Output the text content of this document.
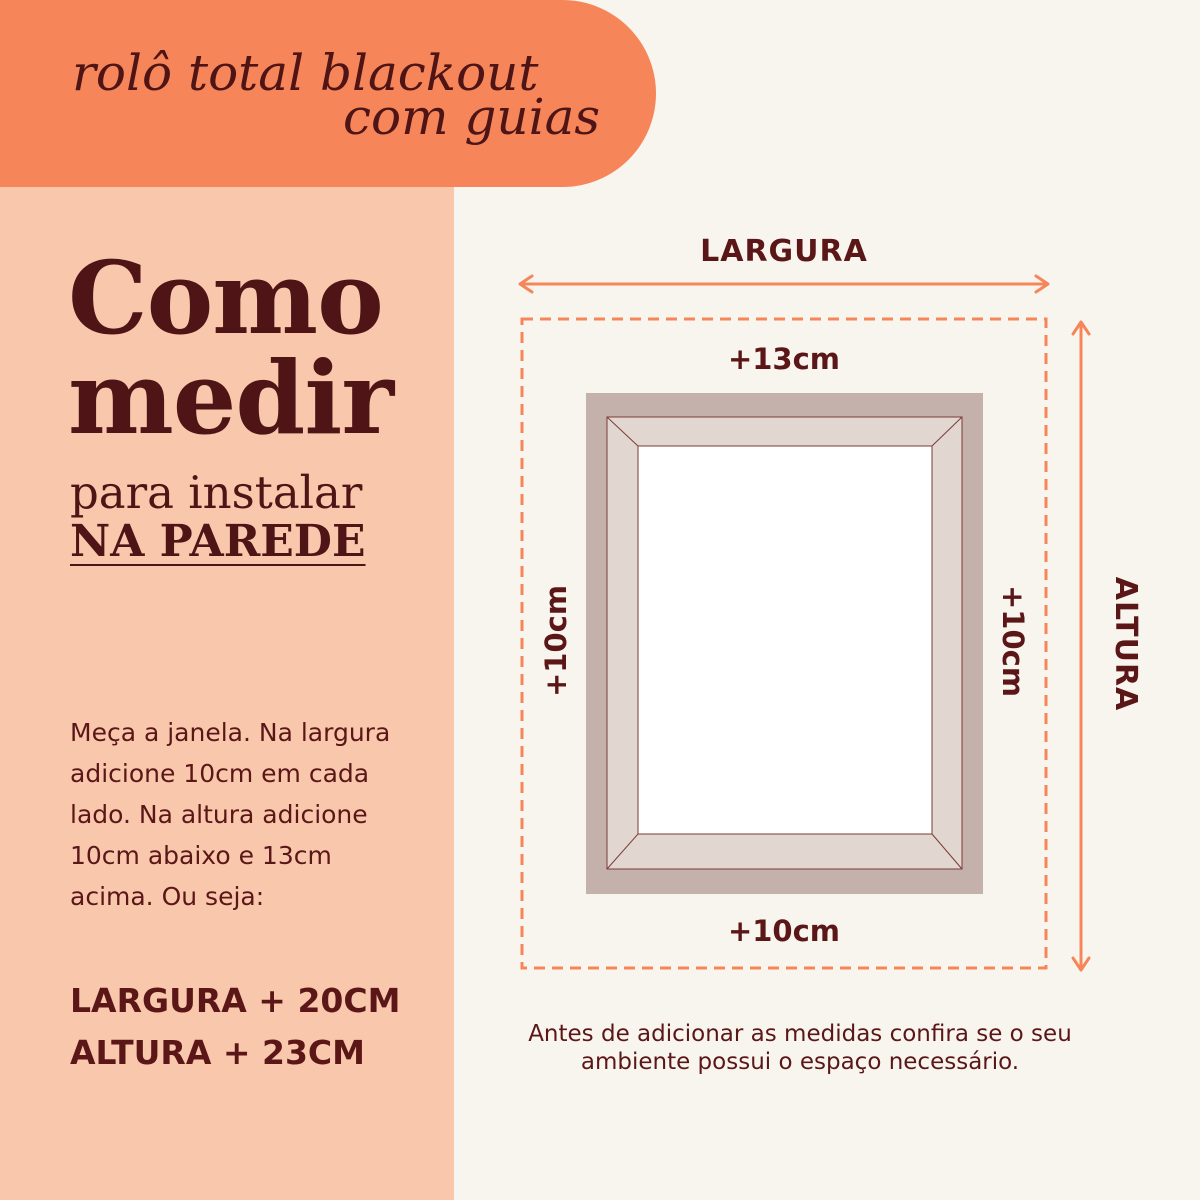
rolô total blackout
com guias
Como
medir
para instalar
NA PAREDE
Meça a janela. Na largura adicione 10cm em cada lado. Na altura adicione 10cm abaixo e 13cm acima. Ou seja:
LARGURA + 20CM
ALTURA + 23CM
LARGURA
+13cm
+10cm
+10cm	+10cm	ALTURA
Antes de adicionar as medidas confira se o seu ambiente possui o espaço necessário.
